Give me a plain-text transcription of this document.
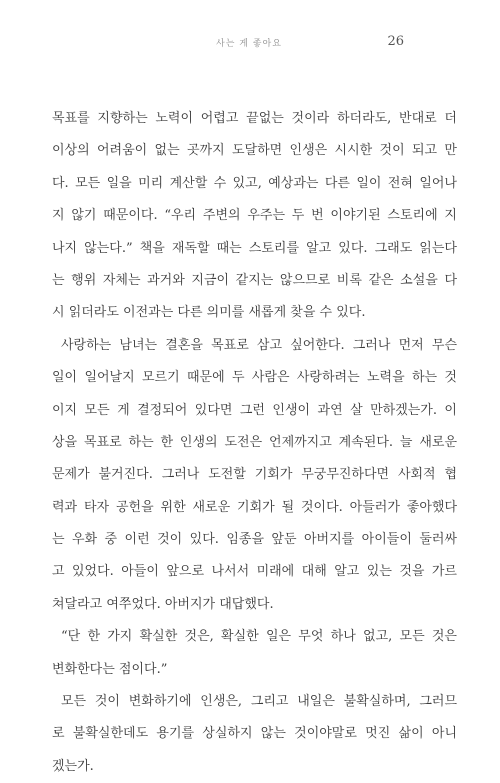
사는 게 좋아요	26
목표를 지향하는 노력이 어렵고 끝없는 것이라 하더라도, 반대로 더
이상의 어려움이 없는 곳까지 도달하면 인생은 시시한 것이 되고 만
다. 모든 일을 미리 계산할 수 있고, 예상과는 다른 일이 전혀 일어나
지 않기 때문이다. “우리 주변의 우주는 두 번 이야기된 스토리에 지
나지 않는다.” 책을 재독할 때는 스토리를 알고 있다. 그래도 읽는다
는 행위 자체는 과거와 지금이 같지는 않으므로 비록 같은 소설을 다
시 읽더라도 이전과는 다른 의미를 새롭게 찾을 수 있다.
사랑하는 남녀는 결혼을 목표로 삼고 싶어한다. 그러나 먼저 무슨
일이 일어날지 모르기 때문에 두 사람은 사랑하려는 노력을 하는 것
이지 모든 게 결정되어 있다면 그런 인생이 과연 살 만하겠는가. 이
상을 목표로 하는 한 인생의 도전은 언제까지고 계속된다. 늘 새로운
문제가 불거진다. 그러나 도전할 기회가 무궁무진하다면 사회적 협
력과 타자 공헌을 위한 새로운 기회가 될 것이다. 아들러가 좋아했다
는 우화 중 이런 것이 있다. 임종을 앞둔 아버지를 아이들이 둘러싸
고 있었다. 아들이 앞으로 나서서 미래에 대해 알고 있는 것을 가르
쳐달라고 여쭈었다. 아버지가 대답했다.
“단 한 가지 확실한 것은, 확실한 일은 무엇 하나 없고, 모든 것은
변화한다는 점이다.”
모든 것이 변화하기에 인생은, 그리고 내일은 불확실하며, 그러므
로 불확실한데도 용기를 상실하지 않는 것이야말로 멋진 삶이 아니
겠는가.
